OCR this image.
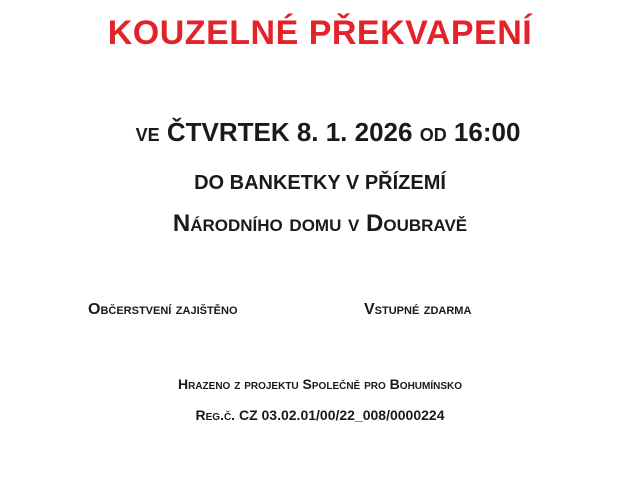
KOUZELNÉ PŘEKVAPENÍ
ve ČTVRTEK 8. 1. 2026 od 16:00
DO BANKETKY V PŘÍZEMÍ
Národního domu v Doubravě
Občerstvení zajištěno	Vstupné zdarma
Hrazeno z projektu Společně pro Bohumínsko
Reg.č. CZ 03.02.01/00/22_008/0000224
